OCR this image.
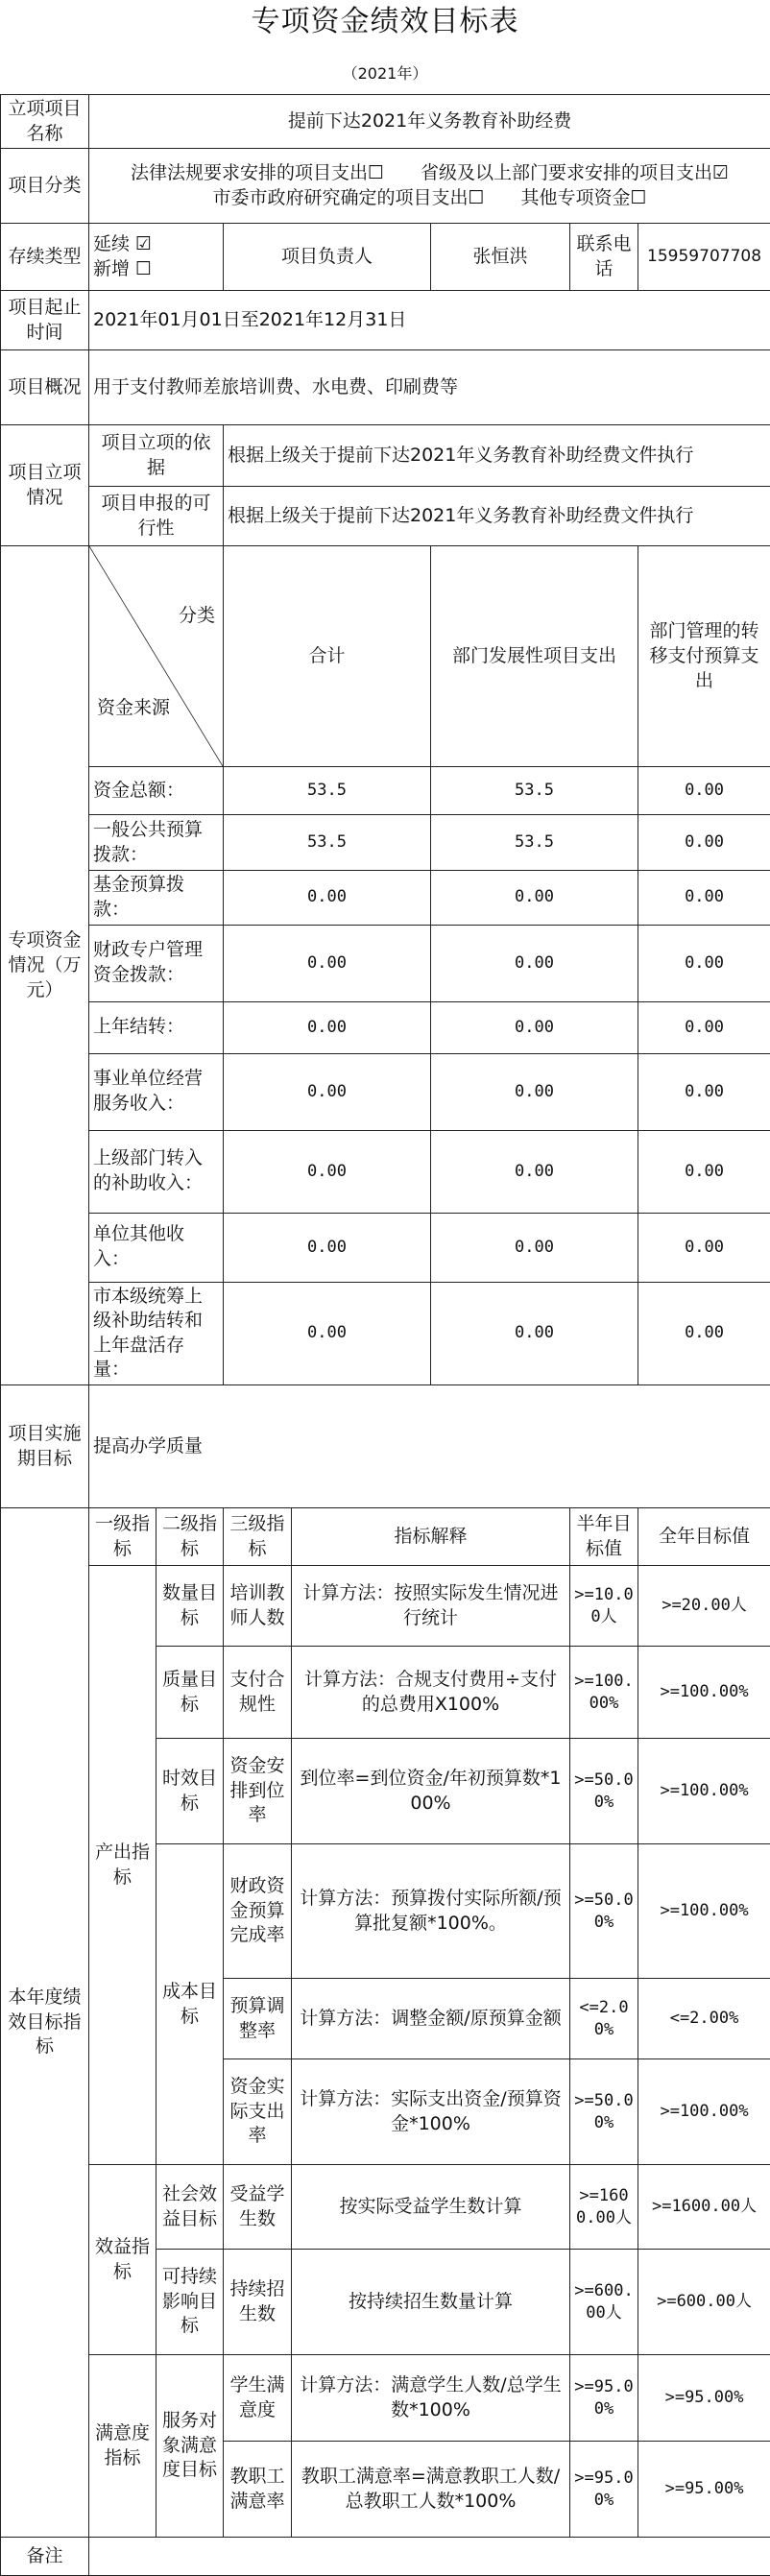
专项资金绩效目标表
（2021年）
立项项目名称	提前下达2021年义务教育补助经费						
项目分类	法律法规要求安排的项目支出☐ 省级及以上部门要求安排的项目支出☑
市委市政府研究确定的项目支出☐ 其他专项资金☐						
存续类型	延续 ☑
新增 ☐		项目负责人		张恒洪	联系电话	15959707708
项目起止时间	2021年01月01日至2021年12月31日						
项目概况	用于支付教师差旅培训费、水电费、印刷费等						
项目立项情况	项目立项的依据		根据上级关于提前下达2021年义务教育补助经费文件执行				
	项目申报的可行性		根据上级关于提前下达2021年义务教育补助经费文件执行				
专项资金情况（万元）	分类
资金来源		合计		部门发展性项目支出		部门管理的转移支付预算支出
	资金总额：		53.5		53.5		0.00
	一般公共预算拨款：		53.5		53.5		0.00
	基金预算拨款：		0.00		0.00		0.00
	财政专户管理资金拨款：		0.00		0.00		0.00
	上年结转：		0.00		0.00		0.00
	事业单位经营服务收入：		0.00		0.00		0.00
	上级部门转入的补助收入：		0.00		0.00		0.00
	单位其他收入：		0.00		0.00		0.00
	市本级统筹上级补助结转和上年盘活存量：		0.00		0.00		0.00
项目实施期目标	提高办学质量						
本年度绩效目标指标	一级指标	二级指标	三级指标	指标解释		半年目标值	全年目标值
	产出指标	数量目标	培训教师人数	计算方法：按照实际发生情况进行统计		>=10.00人	>=20.00人
		质量目标	支付合规性	计算方法：合规支付费用÷支付的总费用X100%		>=100.00%	>=100.00%
		时效目标	资金安排到位率	到位率=到位资金/年初预算数*100%		>=50.00%	>=100.00%
		成本目标	财政资金预算完成率	计算方法：预算拨付实际所额/预算批复额*100%。		>=50.00%	>=100.00%
			预算调整率	计算方法：调整金额/原预算金额		<=2.00%	<=2.00%
			资金实际支出率	计算方法：实际支出资金/预算资金*100%		>=50.00%	>=100.00%
	效益指标	社会效益目标	受益学生数	按实际受益学生数计算		>=1600.00人	>=1600.00人
		可持续影响目标	持续招生数	按持续招生数量计算		>=600.00人	>=600.00人
	满意度指标	服务对象满意度目标	学生满意度	计算方法：满意学生人数/总学生数*100%		>=95.00%	>=95.00%
			教职工满意率	教职工满意率=满意教职工人数/总教职工人数*100%		>=95.00%	>=95.00%
备注							
